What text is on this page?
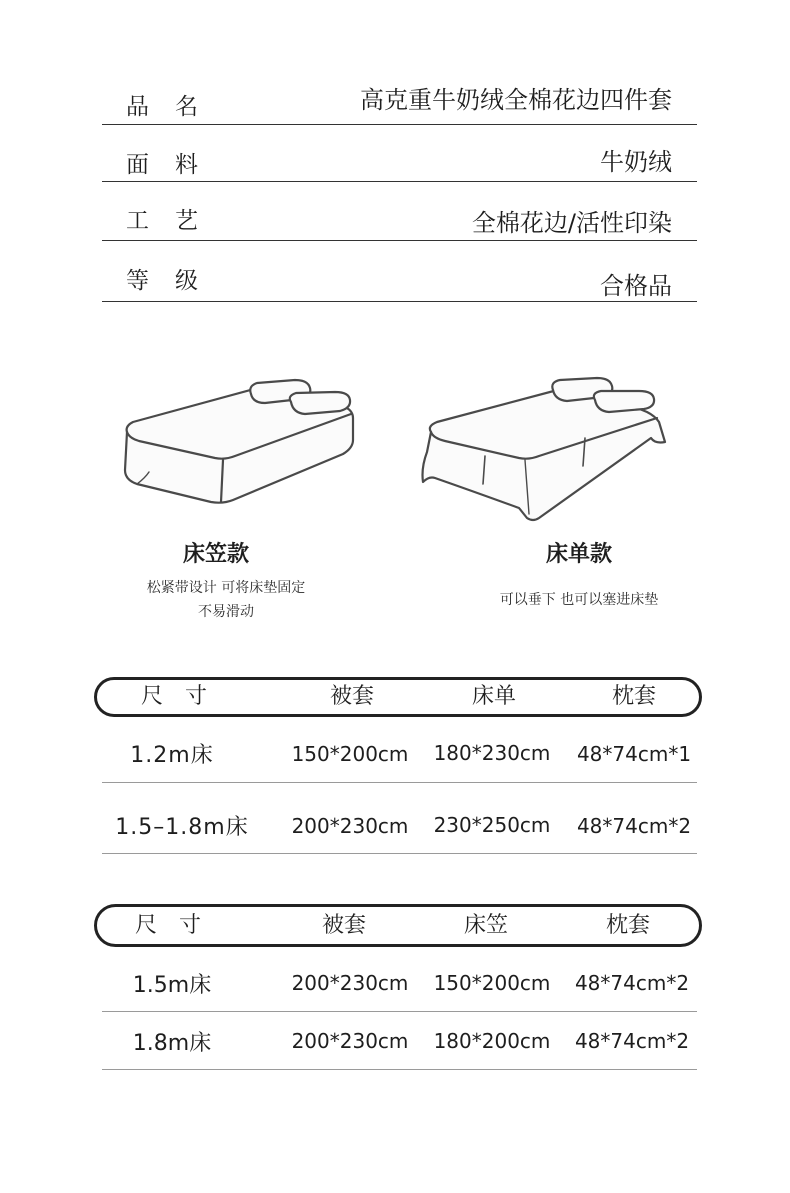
品名	高克重牛奶绒全棉花边四件套
面料	牛奶绒
工艺	全棉花边/活性印染
等级	合格品
床笠款
松紧带设计 可将床垫固定
不易滑动
床单款
可以垂下 也可以塞进床垫
尺　寸	被套	床单	枕套
1.2m床	150*200cm	180*230cm	48*74cm*1
1.5–1.8m床	200*230cm	230*250cm	48*74cm*2
尺　寸	被套	床笠	枕套
1.5m床	200*230cm	150*200cm	48*74cm*2
1.8m床	200*230cm	180*200cm	48*74cm*2
